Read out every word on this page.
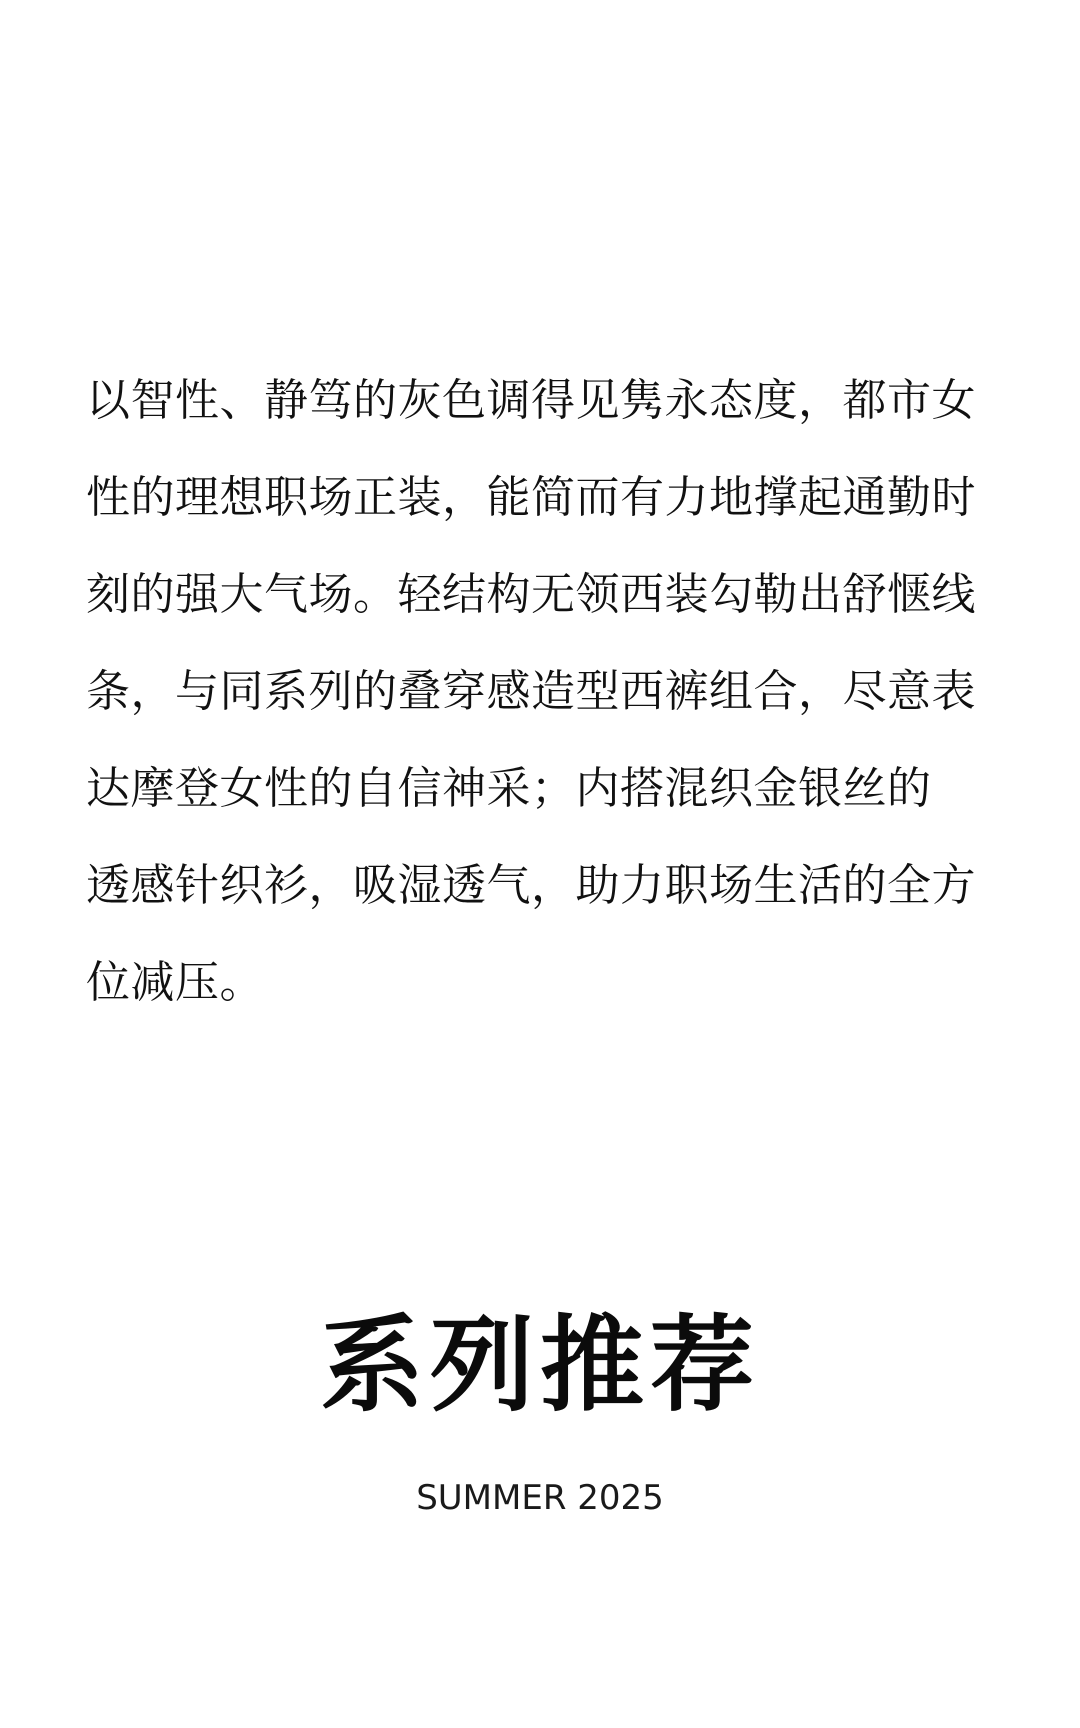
以智性、静笃的灰色调得见隽永态度，都市女
性的理想职场正装，能简而有力地撑起通勤时
刻的强大气场。轻结构无领西装勾勒出舒惬线
条，与同系列的叠穿感造型西裤组合，尽意表
达摩登女性的自信神采；内搭混织金银丝的
透感针织衫，吸湿透气，助力职场生活的全方
位减压。
系列推荐
SUMMER 2025
